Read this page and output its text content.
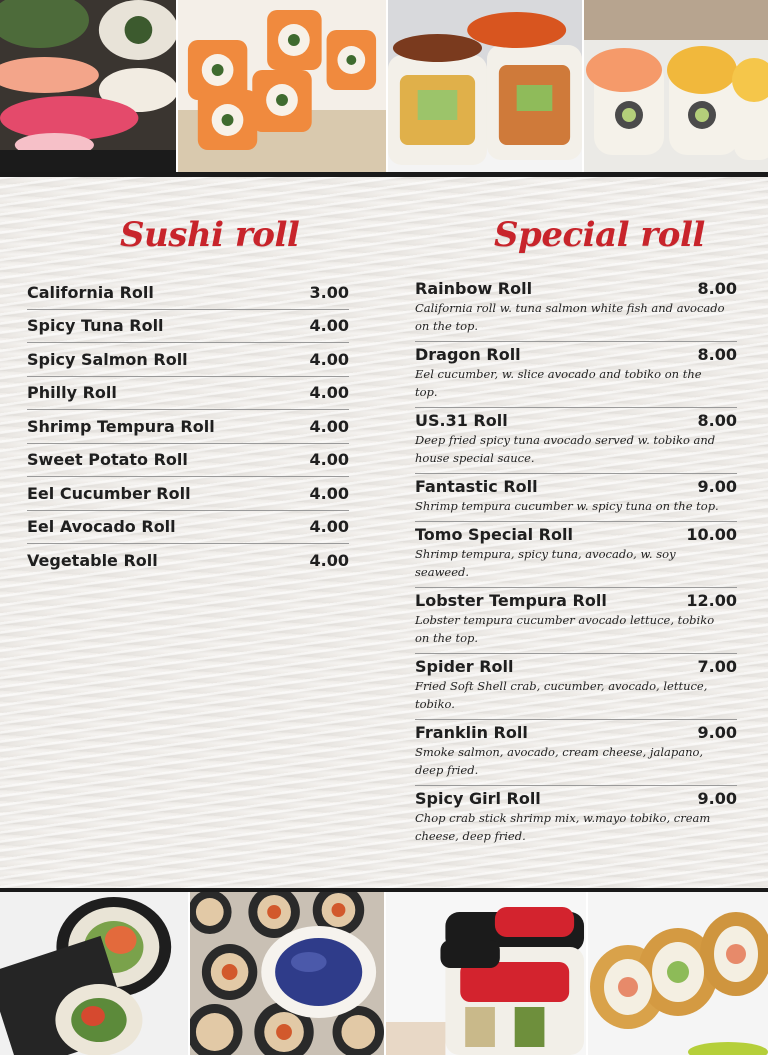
Sushi roll	Special roll
California Roll	3.00
Spicy Tuna Roll	4.00
Spicy Salmon Roll	4.00
Philly Roll	4.00
Shrimp Tempura Roll	4.00
Sweet Potato Roll	4.00
Eel Cucumber Roll	4.00
Eel Avocado Roll	4.00
Vegetable Roll	4.00
Rainbow Roll	8.00
California roll w. tuna salmon white fish and avocado on the top.
Dragon Roll	8.00
Eel cucumber, w. slice avocado and tobiko on the top.
US.31 Roll	8.00
Deep fried spicy tuna avocado served w. tobiko and house special sauce.
Fantastic Roll	9.00
Shrimp tempura cucumber w. spicy tuna on the top.
Tomo Special Roll	10.00
Shrimp tempura, spicy tuna, avocado, w. soy seaweed.
Lobster Tempura Roll	12.00
Lobster tempura cucumber avocado lettuce, tobiko on the top.
Spider Roll	7.00
Fried Soft Shell crab, cucumber, avocado, lettuce, tobiko.
Franklin Roll	9.00
Smoke salmon, avocado, cream cheese, jalapano, deep fried.
Spicy Girl Roll	9.00
Chop crab stick shrimp mix, w.mayo tobiko, cream cheese, deep fried.
